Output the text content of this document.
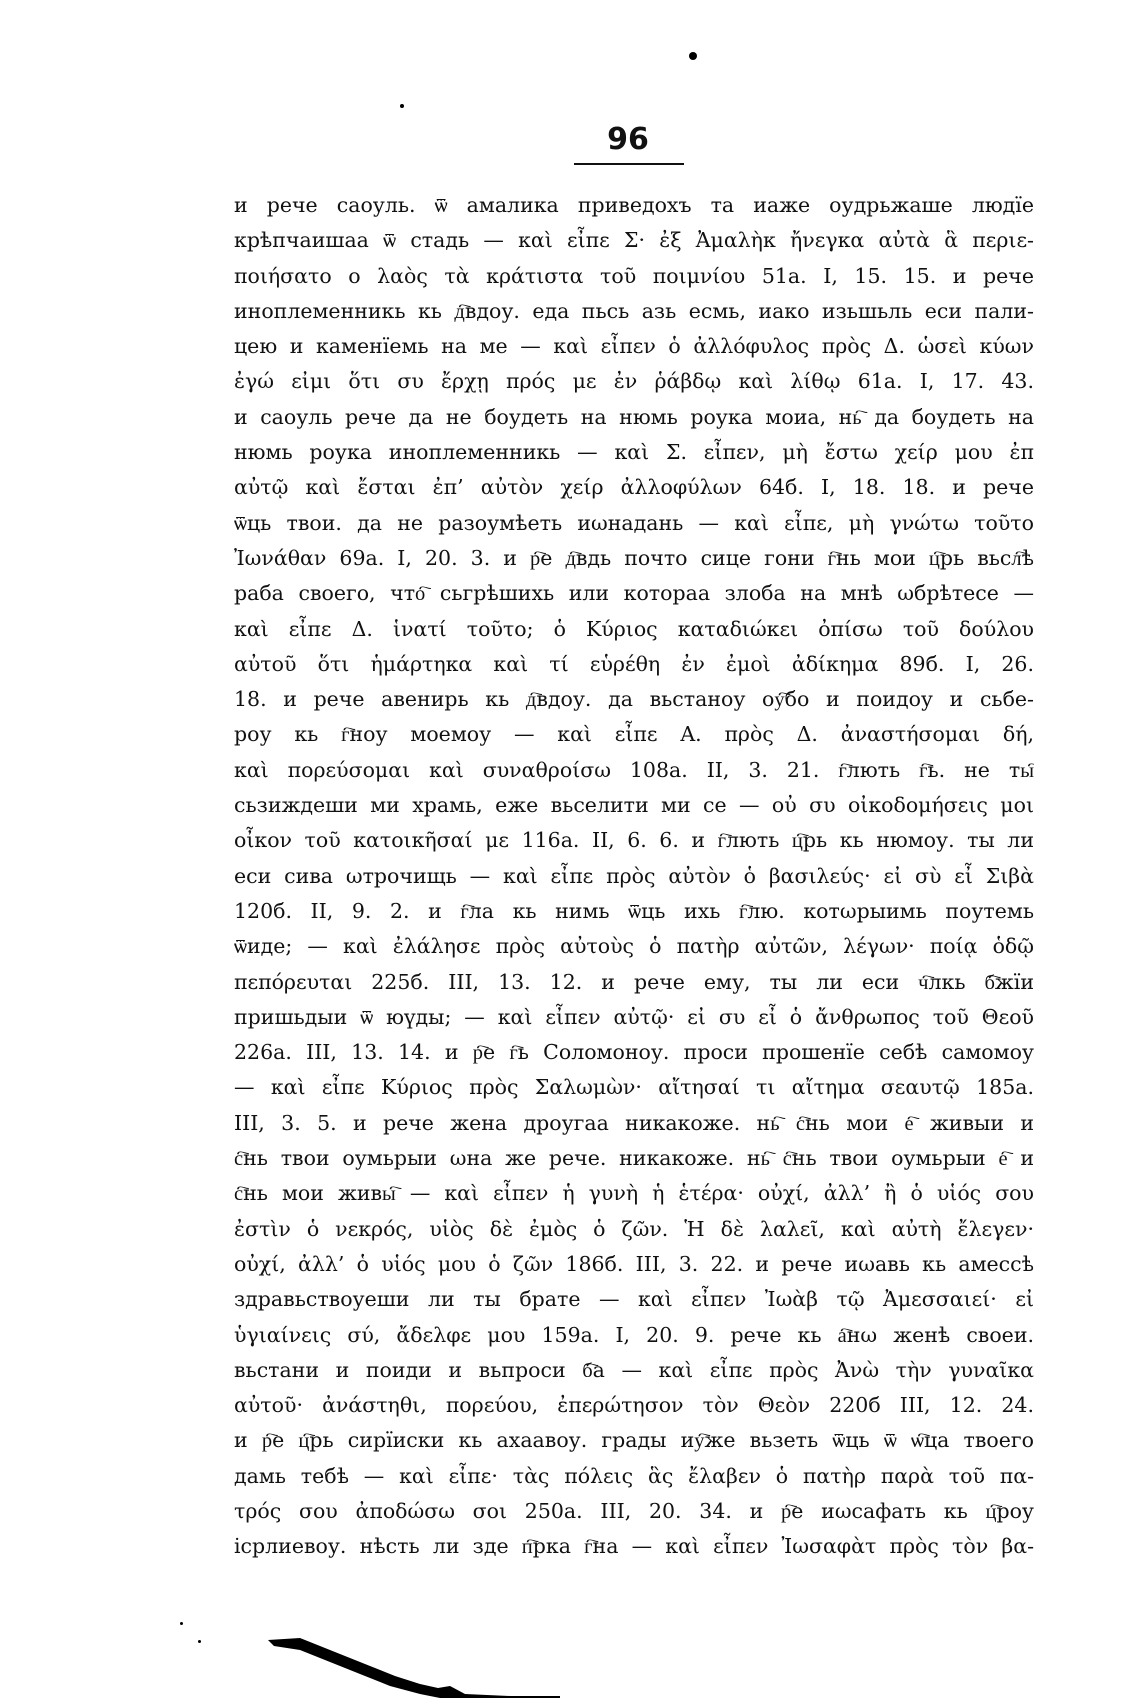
96
и рече саоуль. ѿ амалика приведохъ та иаже оудрьжаше людїе
крѣпчаишаа ѿ стадь — καὶ εἶπε Σ· ἐξ Ἀμαλὴκ ἤνεγκα αὐτὰ ἃ περιε-
ποιήσατο ο λαὸς τὰ κράτιστα τοῦ ποιμνίου 51a. I, 15. 15. и рече
иноплеменникь кь д҇вдоу. еда пьсь азь есмь, иако изьшьль еси пали-
цею и каменїемь на ме — καὶ εἶπεν ὁ ἀλλόφυλος πρὸς Δ. ὡσεὶ κύων
ἐγώ εἰμι ὅτι συ ἔρχῃ πρός με ἐν ῥάβδῳ καὶ λίθῳ 61a. I, 17. 43.
и саоуль рече да не боудеть на нюмь роука моиа, нь҇ да боудеть на
нюмь роука иноплеменникь — καὶ Σ. εἶπεν, μὴ ἔστω χείρ μου ἐπ
αὐτῷ καὶ ἔσται ἐπ’ αὐτὸν χείρ ἀλλοφύλων 64б. I, 18. 18. и рече
ѿць твои. да не разоумѣеть иωнадань — καὶ εἶπε, μὴ γνώτω τοῦτο
Ἰωνάθαν 69a. I, 20. 3. и р҇е д҇вдь почто сице гони г҇нь мои ц҇рь вьсл҇ѣ
раба своего, что҇ сьгрѣшихь или котораа злоба на мнѣ ωбрѣтесе —
καὶ εἶπε Δ. ἱνατί τοῦτο; ὁ Κύριος καταδιώκει ὀπίσω τοῦ δούλου
αὐτοῦ ὅτι ἡμάρτηκα καὶ τί εὑρέθη ἐν ἐμοὶ ἀδίκημα 89б. I, 26.
18. и рече авенирь кь д҇вдоу. да вьстаноу оу҇бо и поидоу и сьбе-
роу кь г҇ноу моемоу — καὶ εἶπε Α. πρὸς Δ. ἀναστήσομαι δή,
καὶ πορεύσομαι καὶ συναθροίσω 108a. II, 3. 21. г҇лють г҇ь. не ты҇
сьзиждеши ми храмь, еже вьселити ми се — οὐ συ οἰκοδομήσεις μοι
οἶκον τοῦ κατοικῆσαί με 116a. II, 6. 6. и г҇лють ц҇рь кь нюмоу. ты ли
еси сива ωтрочищь — καὶ εἶπε πρὸς αὐτὸν ὁ βασιλεύς· εἰ σὺ εἶ Σιβὰ
120б. II, 9. 2. и г҇ла кь нимь ѿць ихь г҇лю. котωрыимь поутемь
ѿиде; — καὶ ἐλάλησε πρὸς αὐτοὺς ὁ πατὴρ αὐτῶν, λέγων· ποίᾳ ὁδῷ
πεπόρευται 225б. III, 13. 12. и рече ему, ты ли еси ч҇лкь б҇жїи
пришьдыи ѿ юүды; — καὶ εἶπεν αὐτῷ· εἰ συ εἶ ὁ ἄνθρωπος τοῦ Θεοῦ
226a. III, 13. 14. и р҇е г҇ь Соломоноу. проси прошенїе себѣ самомоу
— καὶ εἶπε Κύριος πρὸς Σαλωμὼν· αἴτησαί τι αἴτημα σεαυτῷ 185a.
III, 3. 5. и рече жена дроугаа никакоже. нь҇ с҇нь мои е҇ живыи и
с҇нь твои оумьрыи ωна же рече. никакоже. нь҇ с҇нь твои оумьрыи е҇ и
с҇нь мои живы҇ — καὶ εἶπεν ἡ γυνὴ ἡ ἑτέρα· οὐχί, ἀλλ’ ἢ ὁ υἱός σου
ἐστὶν ὁ νεκρός, υἱὸς δὲ ἐμὸς ὁ ζῶν. Ἡ δὲ λαλεῖ, καὶ αὐτὴ ἔλεγεν·
οὐχί, ἀλλ’ ὁ υἱός μου ὁ ζῶν 186б. III, 3. 22. и рече иωавь кь амессѣ
здравьствоуеши ли ты брате — καὶ εἶπεν Ἰωὰβ τῷ Ἀμεσσαιεί· εἰ
ὑγιαίνεις σύ, ἄδελφε μου 159a. I, 20. 9. рече кь а҇нω женѣ своеи.
вьстани и поиди и вьпроси б҇а — καὶ εἶπε πρὸς Ἀνὼ τὴν γυναῖκα
αὐτοῦ· ἀνάστηθι, πορεύου, ἐπερώτησον τὸν Θεὸν 220б III, 12. 24.
и р҇е ц҇рь сирїиски кь ахаавоу. грады иу҇же вьзеть ѿць ѿ ѡ҇ца твоего
дамь тебѣ — καὶ εἶπε· τὰς πόλεις ἃς ἔλαβεν ὁ πατὴρ παρὰ τοῦ πα-
τρός σου ἀποδώσω σοι 250a. III, 20. 34. и р҇е иωсафать кь ц҇роу
ісрлиевоу. нѣсть ли зде п҇рка г҇нa — καὶ εἶπεν Ἰωσαφὰτ πρὸς τὸν βα-
